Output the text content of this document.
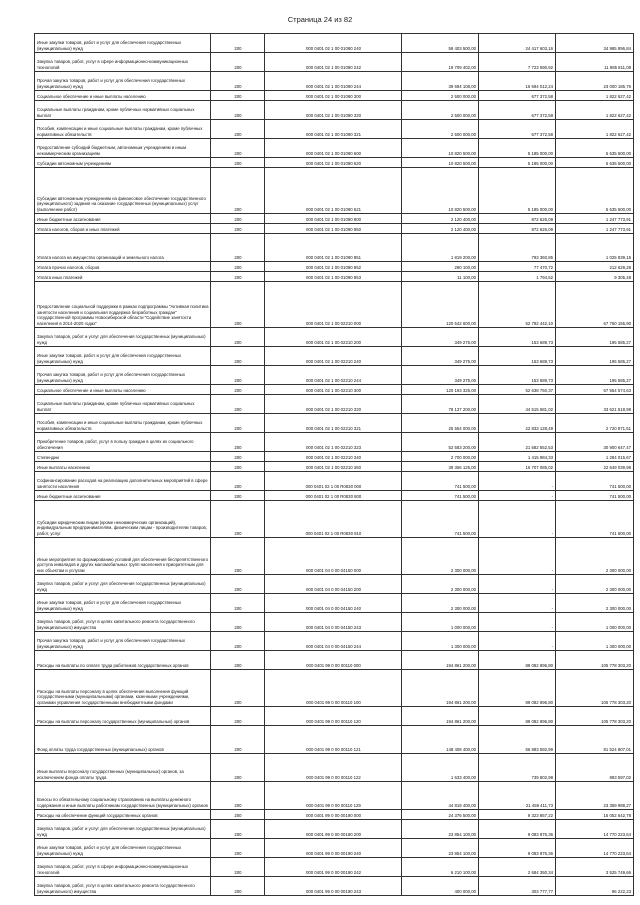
Страница 24 из 82
Иные закупки товаров, работ и услуг для обеспечения государственных (муниципальных) нужд	200	000 0401 02 1 00 01090 240	59 403 500,00	24 417 603,16	34 985 896,84
Закупка товаров, работ, услуг в сфере информационно-коммуникационных технологий	200	000 0401 02 1 00 01090 242	19 709 402,00	7 723 590,92	11 985 811,08
Прочая закупка товаров, работ и услуг для обеспечения государственных (муниципальных) нужд	200	000 0401 02 1 00 01090 244	39 694 108,00	16 694 012,24	23 000 185,76
Социальное обеспечение и иные выплаты населению	200	000 0401 02 1 00 01090 300	2 500 000,00	677 372,58	1 822 627,42
Социальные выплаты гражданам, кроме публичных нормативных социальных выплат	200	000 0401 02 1 00 01090 320	2 500 000,00	677 372,58	1 822 627,42
Пособия, компенсации и иные социальные выплаты гражданам, кроме публичных нормативных обязательств	200	000 0401 02 1 00 01090 321	2 500 000,00	677 372,58	1 822 627,42
Предоставление субсидий бюджетным, автономным учреждениям и иным некоммерческим организациям	200	000 0401 02 1 00 01090 600	10 820 500,00	5 185 000,00	5 635 500,00
Субсидии автономным учреждениям	200	000 0401 02 1 00 01090 620	10 820 500,00	5 185 000,00	5 635 500,00
Субсидии автономным учреждениям на финансовое обеспечение государственного (муниципального) задания на оказание государственных (муниципальных) услуг (выполнение работ)	200	000 0401 02 1 00 01090 621	10 820 500,00	5 185 000,00	5 635 500,00
Иные бюджетные ассигнования	200	000 0401 02 1 00 01090 800	2 120 400,00	872 626,09	1 247 773,91
Уплата налогов, сборов и иных платежей	200	000 0401 02 1 00 01090 850	2 120 400,00	872 626,09	1 247 773,91
Уплата налога на имущество организаций и земельного налога	200	000 0401 02 1 00 01090 851	1 819 200,00	793 360,85	1 025 839,15
Уплата прочих налогов, сборов	200	000 0401 02 1 00 01090 852	290 100,00	77 470,72	212 629,28
Уплата иных платежей	200	000 0401 02 1 00 01090 853	11 100,00	1 794,52	9 305,48
Предоставление социальной поддержки в рамках подпрограммы "Активная политика занятости населения и социальная поддержка безработных граждан" государственной программы Новосибирской области "Содействие занятости населения в 2014-2020 годах"	200	000 0401 02 1 00 02210 000	120 542 600,00	52 792 442,10	67 750 155,90
Закупка товаров, работ и услуг для обеспечения государственных (муниципальных) нужд	200	000 0401 02 1 00 02210 200	349 275,00	153 689,73	195 585,27
Иные закупки товаров, работ и услуг для обеспечения государственных (муниципальных) нужд	200	000 0401 02 1 00 02210 240	349 275,00	153 689,73	195 585,27
Прочая закупка товаров, работ и услуг для обеспечения государственных (муниципальных) нужд	200	000 0401 02 1 00 02210 244	349 275,00	153 689,73	195 585,27
Социальное обеспечение и иные выплаты населению	200	000 0401 02 1 00 02210 300	120 193 325,00	52 638 750,37	67 554 574,63
Социальные выплаты гражданам, кроме публичных нормативных социальных выплат	200	000 0401 02 1 00 02210 320	78 137 200,00	44 515 681,02	33 621 518,98
Пособия, компенсации и иные социальные выплаты гражданам, кроме публичных нормативных обязательств	200	000 0401 02 1 00 02210 321	25 554 000,00	22 833 128,49	2 720 871,51
Приобретение товаров, работ, услуг в пользу граждан в целях их социального обеспечения	200	000 0401 02 1 00 02210 323	52 583 200,00	21 682 552,53	30 900 647,47
Стипендии	200	000 0401 02 1 00 02210 340	2 700 000,00	1 415 984,33	1 284 015,67
Иные выплаты населению	200	000 0401 02 1 00 02210 360	39 356 125,00	16 707 085,02	22 649 039,98
Софинансирование расходов на реализацию дополнительных мероприятий в сфере занятости населения	200	000 0401 02 1 00 R0830 000	741 500,00	-	741 500,00
Иные бюджетные ассигнования	200	000 0401 02 1 00 R0830 800	741 500,00	-	741 500,00
Субсидии юридическим лицам (кроме некоммерческих организаций), индивидуальным предпринимателям, физическим лицам - производителям товаров, работ, услуг	200	000 0401 02 1 00 R0830 810	741 500,00	-	741 500,00
Иные мероприятия по формированию условий для обеспечения беспрепятственного доступа инвалидов и других маломобильных групп населения к приоритетным для них объектам и услугам	200	000 0401 04 0 00 04150 000	2 300 000,00	-	2 300 000,00
Закупка товаров, работ и услуг для обеспечения государственных (муниципальных) нужд	200	000 0401 04 0 00 04150 200	2 300 000,00	-	2 300 000,00
Иные закупки товаров, работ и услуг для обеспечения государственных (муниципальных) нужд	200	000 0401 04 0 00 04150 240	2 300 000,00	-	2 300 000,00
Закупка товаров, работ, услуг в целях капитального ремонта государственного (муниципального) имущества	200	000 0401 04 0 00 04150 243	1 000 000,00	-	1 000 000,00
Прочая закупка товаров, работ и услуг для обеспечения государственных (муниципальных) нужд	200	000 0401 04 0 00 04150 244	1 300 000,00	-	1 300 000,00
Расходы на выплаты по оплате труда работников государственных органов	200	000 0401 99 0 00 00110 000	194 861 200,00	89 082 896,80	105 778 303,20
Расходы на выплаты персоналу в целях обеспечения выполнения функций государственными (муниципальными) органами, казенными учреждениями, органами управления государственными внебюджетными фондами	200	000 0401 99 0 00 00110 100	194 861 200,00	89 082 896,80	105 778 303,20
Расходы на выплаты персоналу государственных (муниципальных) органов	200	000 0401 99 0 00 00110 120	194 861 200,00	89 082 896,80	105 778 303,20
Фонд оплаты труда государственных (муниципальных) органов	200	000 0401 99 0 00 00110 121	148 408 400,00	66 883 592,99	81 524 807,01
Иные выплаты персоналу государственных (муниципальных) органов, за исключением фонда оплаты труда	200	000 0401 99 0 00 00110 122	1 633 400,00	739 802,98	893 597,02
Взносы по обязательному социальному страхованию на выплаты денежного содержания и иные выплаты работникам государственных (муниципальных) органов	200	000 0401 99 0 00 00110 129	44 819 400,00	21 459 411,73	23 359 988,27
Расходы на обеспечение функций государственных органов	200	000 0401 99 0 00 00190 000	24 376 500,00	9 323 857,22	15 052 642,78
Закупка товаров, работ и услуг для обеспечения государственных (муниципальных) нужд	200	000 0401 99 0 00 00190 200	23 854 100,00	9 083 876,36	14 770 223,64
Иные закупки товаров, работ и услуг для обеспечения государственных (муниципальных) нужд	200	000 0401 99 0 00 00190 240	23 854 100,00	9 083 876,36	14 770 223,64
Закупка товаров, работ, услуг в сфере информационно-коммуникационных технологий	200	000 0401 99 0 00 00190 242	6 210 100,00	2 684 350,34	3 525 749,66
Закупка товаров, работ, услуг в целях капитального ремонта государственного (муниципального) имущества	200	000 0401 99 0 00 00190 243	400 000,00	303 777,77	96 222,23
